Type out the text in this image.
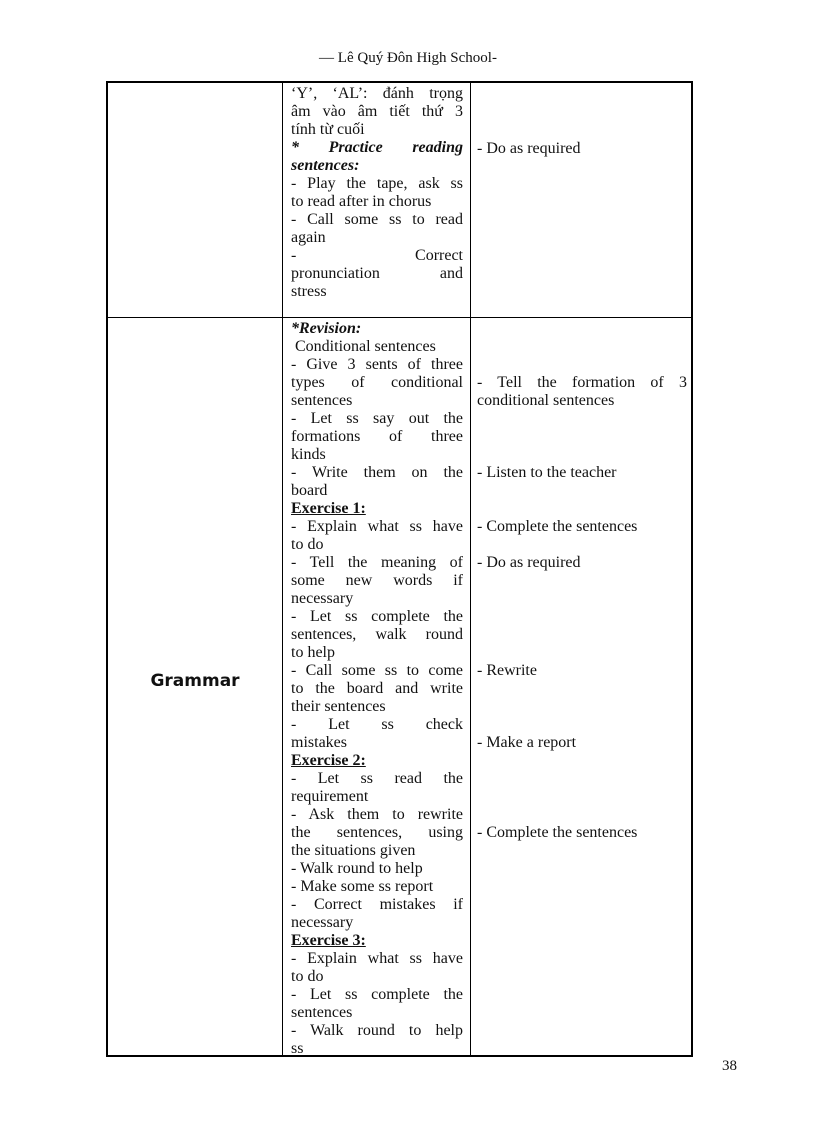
— Lê Quý Đôn High School-
‘Y’, ‘AL’: đánh trọng
âm vào âm tiết thứ 3
tính từ cuối
* Practice reading
sentences:
- Play the tape, ask ss
to read after in chorus
- Call some ss to read
again
- Correct
pronunciation and
stress
- Do as required
Grammar
*Revision:
Conditional sentences
- Give 3 sents of three
types of conditional
sentences
- Let ss say out the
formations of three
kinds
- Write them on the
board
Exercise 1:
- Explain what ss have
to do
- Tell the meaning of
some new words if
necessary
- Let ss complete the
sentences, walk round
to help
- Call some ss to come
to the board and write
their sentences
- Let ss check
mistakes
Exercise 2:
- Let ss read the
requirement
- Ask them to rewrite
the sentences, using
the situations given
- Walk round to help
- Make some ss report
- Correct mistakes if
necessary
Exercise 3:
- Explain what ss have
to do
- Let ss complete the
sentences
- Walk round to help
ss
- Tell the formation of 3
conditional sentences
- Listen to the teacher
- Complete the sentences
- Do as required
- Rewrite
- Make a report
- Complete the sentences
38
